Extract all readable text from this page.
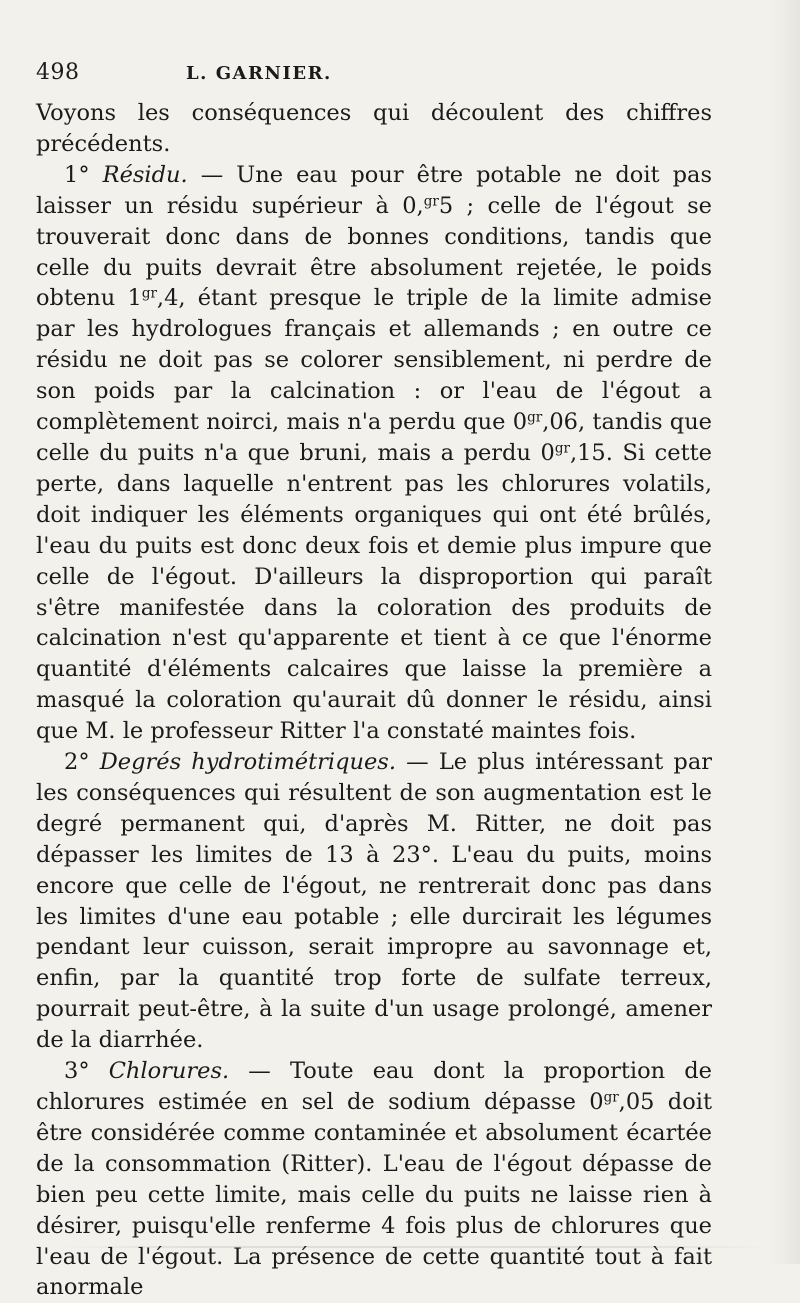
498	L. GARNIER.

Voyons les conséquences qui découlent des chiffres précédents.

1° Résidu. — Une eau pour être potable ne doit pas laisser un résidu supérieur à 0,$^{gr}$5 ; celle de l'égout se trouverait donc dans de bonnes conditions, tandis que celle du puits devrait être absolument rejetée, le poids obtenu $1^{gr},4$, étant presque le triple de la limite admise par les hydrologues français et allemands ; en outre ce résidu ne doit pas se colorer sensiblement, ni perdre de son poids par la calcination : or l'eau de l'égout a complètement noirci, mais n'a perdu que $0^{gr},06$, tandis que celle du puits n'a que bruni, mais a perdu $0^{gr},15$. Si cette perte, dans laquelle n'entrent pas les chlorures volatils, doit indiquer les éléments organiques qui ont été brûlés, l'eau du puits est donc deux fois et demie plus impure que celle de l'égout. D'ailleurs la disproportion qui paraît s'être manifestée dans la coloration des produits de calcination n'est qu'apparente et tient à ce que l'énorme quantité d'éléments calcaires que laisse la première a masqué la coloration qu'aurait dû donner le résidu, ainsi que M. le professeur Ritter l'a constaté maintes fois.

2° Degrés hydrotimétriques. — Le plus intéressant par les conséquences qui résultent de son augmentation est le degré permanent qui, d'après M. Ritter, ne doit pas dépasser les limites de 13 à 23°. L'eau du puits, moins encore que celle de l'égout, ne rentrerait donc pas dans les limites d'une eau potable ; elle durcirait les légumes pendant leur cuisson, serait impropre au savonnage et, enfin, par la quantité trop forte de sulfate terreux, pourrait peut-être, à la suite d'un usage prolongé, amener de la diarrhée.

3° Chlorures. — Toute eau dont la proportion de chlorures estimée en sel de sodium dépasse $0^{gr},05$ doit être considérée comme contaminée et absolument écartée de la consommation (Ritter). L'eau de l'égout dépasse de bien peu cette limite, mais celle du puits ne laisse rien à désirer, puisqu'elle renferme 4 fois plus de chlorures que l'eau de l'égout. La présence de cette quantité tout à fait anormale
